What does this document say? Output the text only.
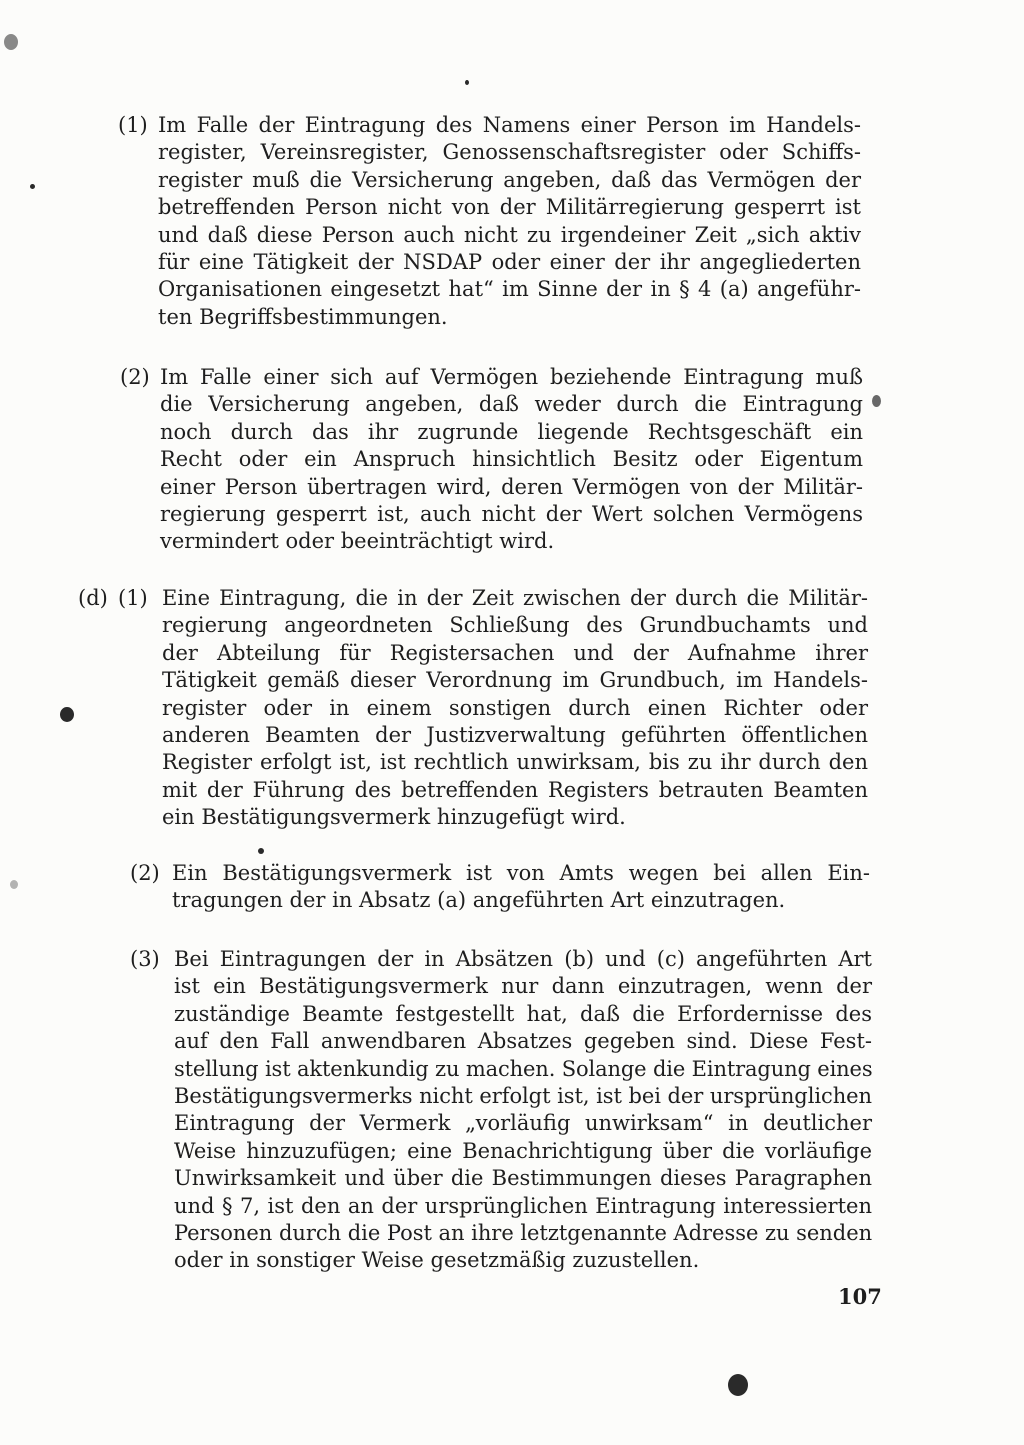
(1) Im Falle der Eintragung des Namens einer Person im Handels-
register, Vereinsregister, Genossenschaftsregister oder Schiffs-
register muß die Versicherung angeben, daß das Vermögen der
betreffenden Person nicht von der Militärregierung gesperrt ist
und daß diese Person auch nicht zu irgendeiner Zeit „sich aktiv
für eine Tätigkeit der NSDAP oder einer der ihr angegliederten
Organisationen eingesetzt hat“ im Sinne der in § 4 (a) angeführ-
ten Begriffsbestimmungen.
(2) Im Falle einer sich auf Vermögen beziehende Eintragung muß
die Versicherung angeben, daß weder durch die Eintragung
noch durch das ihr zugrunde liegende Rechtsgeschäft ein
Recht oder ein Anspruch hinsichtlich Besitz oder Eigentum
einer Person übertragen wird, deren Vermögen von der Militär-
regierung gesperrt ist, auch nicht der Wert solchen Vermögens
vermindert oder beeinträchtigt wird.
(d) (1) Eine Eintragung, die in der Zeit zwischen der durch die Militär-
regierung angeordneten Schließung des Grundbuchamts und
der Abteilung für Registersachen und der Aufnahme ihrer
Tätigkeit gemäß dieser Verordnung im Grundbuch, im Handels-
register oder in einem sonstigen durch einen Richter oder
anderen Beamten der Justizverwaltung geführten öffentlichen
Register erfolgt ist, ist rechtlich unwirksam, bis zu ihr durch den
mit der Führung des betreffenden Registers betrauten Beamten
ein Bestätigungsvermerk hinzugefügt wird.
(2) Ein Bestätigungsvermerk ist von Amts wegen bei allen Ein-
tragungen der in Absatz (a) angeführten Art einzutragen.
(3) Bei Eintragungen der in Absätzen (b) und (c) angeführten Art
ist ein Bestätigungsvermerk nur dann einzutragen, wenn der
zuständige Beamte festgestellt hat, daß die Erfordernisse des
auf den Fall anwendbaren Absatzes gegeben sind. Diese Fest-
stellung ist aktenkundig zu machen. Solange die Eintragung eines
Bestätigungsvermerks nicht erfolgt ist, ist bei der ursprünglichen
Eintragung der Vermerk „vorläufig unwirksam“ in deutlicher
Weise hinzuzufügen; eine Benachrichtigung über die vorläufige
Unwirksamkeit und über die Bestimmungen dieses Paragraphen
und § 7, ist den an der ursprünglichen Eintragung interessierten
Personen durch die Post an ihre letztgenannte Adresse zu senden
oder in sonstiger Weise gesetzmäßig zuzustellen.
107
